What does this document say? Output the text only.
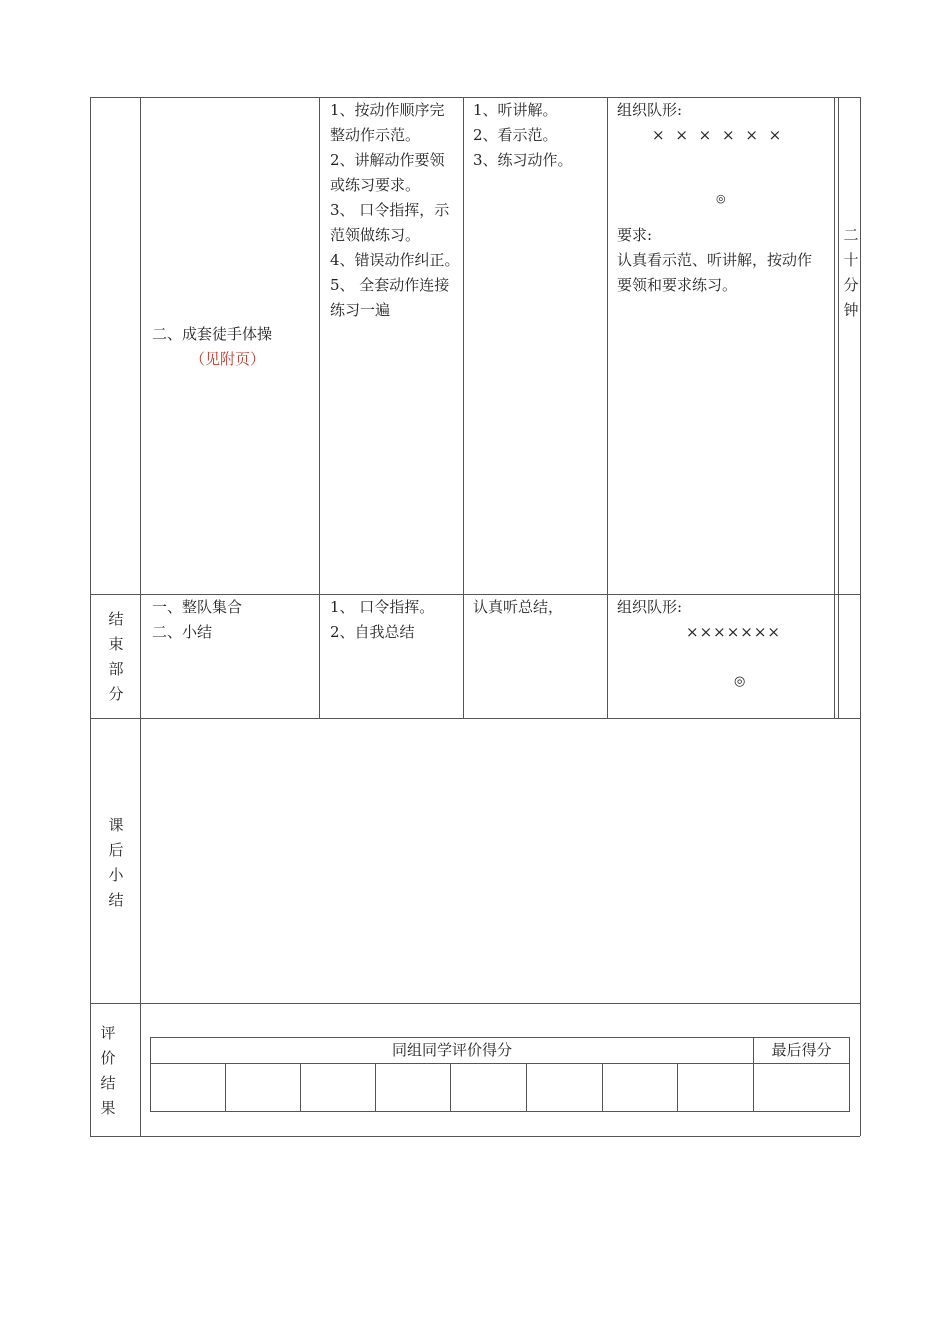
二、成套徒手体操
（见附页）
1、按动作顺序完
整动作示范。
2、讲解动作要领
或练习要求。
3、 口令指挥，示
范领做练习。
4、错误动作纠正。
5、 全套动作连接
练习一遍
1、听讲解。
2、看示范。
3、练习动作。
组织队形:
× × × × × ×
◎
要求:
认真看示范、听讲解，按动作
要领和要求练习。
二
十
分
钟
结
束
部
分
一、整队集合
二、小结
1、 口令指挥。
2、自我总结
认真听总结，	组织队形:
×××××××
◎
课
后
小
结
评
价
结
果
同组同学评价得分	最后得分
